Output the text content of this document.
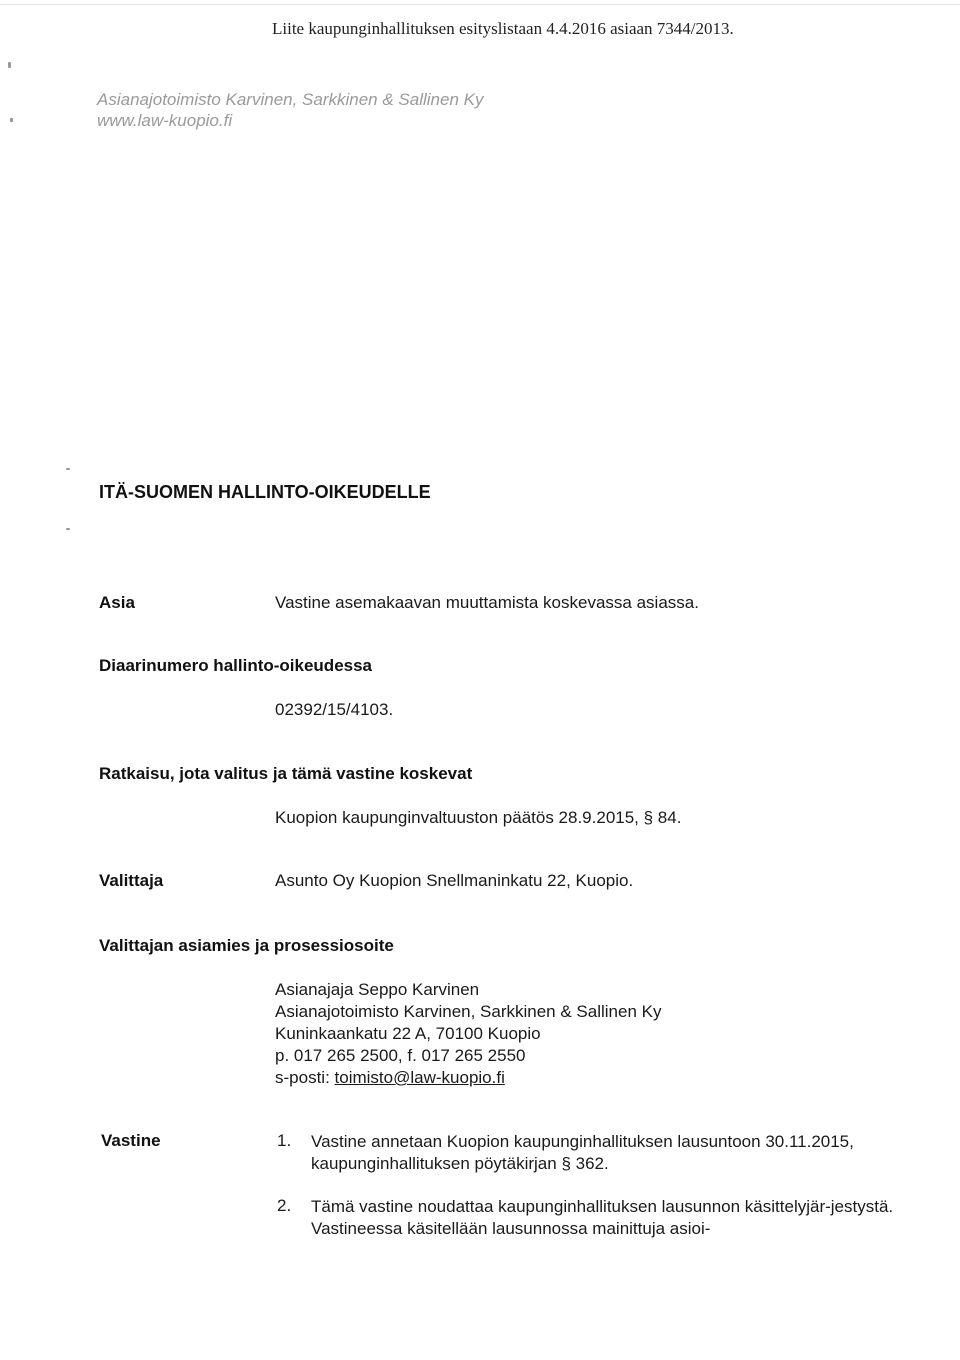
Liite kaupunginhallituksen esityslistaan 4.4.2016 asiaan 7344/2013.
Asianajotoimisto Karvinen, Sarkkinen & Sallinen Ky
www.law-kuopio.fi
ITÄ-SUOMEN HALLINTO-OIKEUDELLE
Asia	Vastine asemakaavan muuttamista koskevassa asiassa.
Diaarinumero hallinto-oikeudessa
02392/15/4103.
Ratkaisu, jota valitus ja tämä vastine koskevat
Kuopion kaupunginvaltuuston päätös 28.9.2015, § 84.
Valittaja	Asunto Oy Kuopion Snellmaninkatu 22, Kuopio.
Valittajan asiamies ja prosessiosoite
Asianajaja Seppo Karvinen
Asianajotoimisto Karvinen, Sarkkinen & Sallinen Ky
Kuninkaankatu 22 A, 70100 Kuopio
p. 017 265 2500, f. 017 265 2550
s-posti: toimisto@law-kuopio.fi
Vastine	1. Vastine annetaan Kuopion kaupunginhallituksen lausuntoon 30.11.2015, kaupunginhallituksen pöytäkirjan § 362.
2. Tämä vastine noudattaa kaupunginhallituksen lausunnon käsittelyjär-jestystä. Vastineessa käsitellään lausunnossa mainittuja asioi-
